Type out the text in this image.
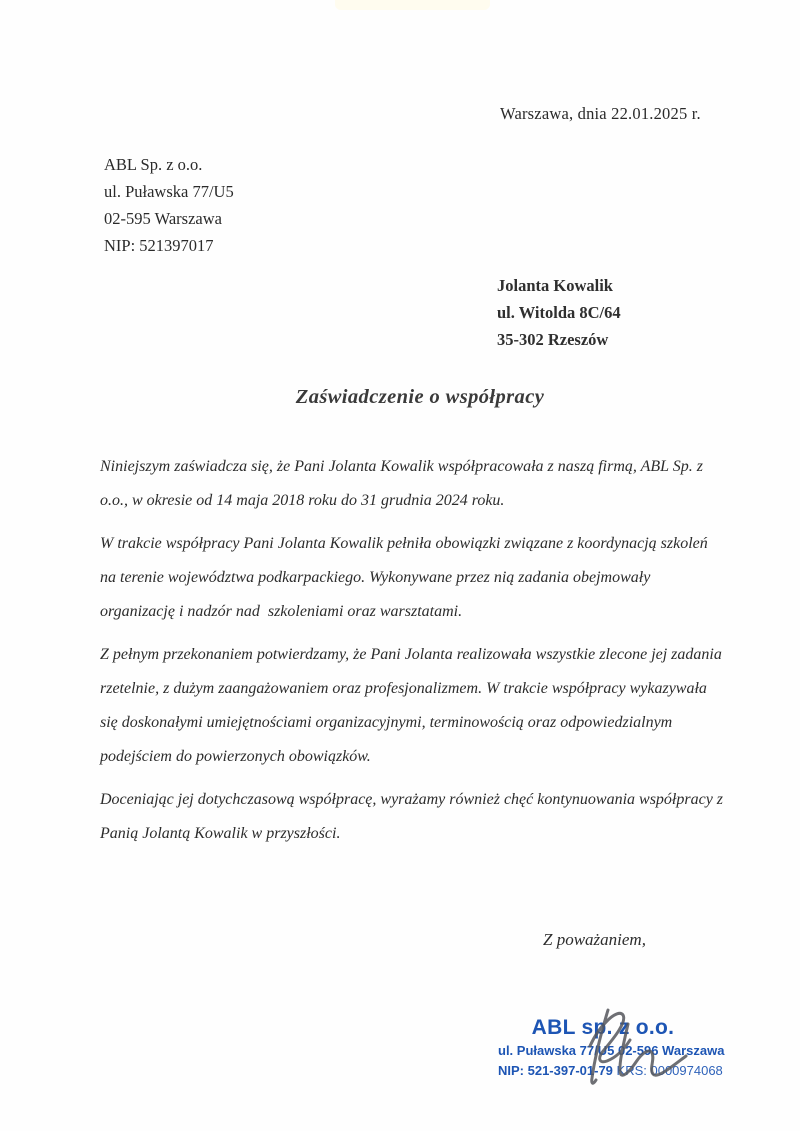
Warszawa, dnia 22.01.2025 r.
ABL Sp. z o.o.
ul. Puławska 77/U5
02-595 Warszawa
NIP: 521397017
Jolanta Kowalik
ul. Witolda 8C/64
35-302 Rzeszów
Zaświadczenie o współpracy

Niniejszym zaświadcza się, że Pani Jolanta Kowalik współpracowała z naszą firmą, ABL Sp. z o.o., w okresie od 14 maja 2018 roku do 31 grudnia 2024 roku.

W trakcie współpracy Pani Jolanta Kowalik pełniła obowiązki związane z koordynacją szkoleń na terenie województwa podkarpackiego. Wykonywane przez nią zadania obejmowały organizację i nadzór nad  szkoleniami oraz warsztatami.

Z pełnym przekonaniem potwierdzamy, że Pani Jolanta realizowała wszystkie zlecone jej zadania rzetelnie, z dużym zaangażowaniem oraz profesjonalizmem. W trakcie współpracy wykazywała się doskonałymi umiejętnościami organizacyjnymi, terminowością oraz odpowiedzialnym podejściem do powierzonych obowiązków.

Doceniając jej dotychczasową współpracę, wyrażamy również chęć kontynuowania współpracy z Panią Jolantą Kowalik w przyszłości.

Z poważaniem,
ABL sp. z o.o.
ul. Puławska 77/U5 02-596 Warszawa
NIP: 521-397-01-79 KRS: 0000974068
